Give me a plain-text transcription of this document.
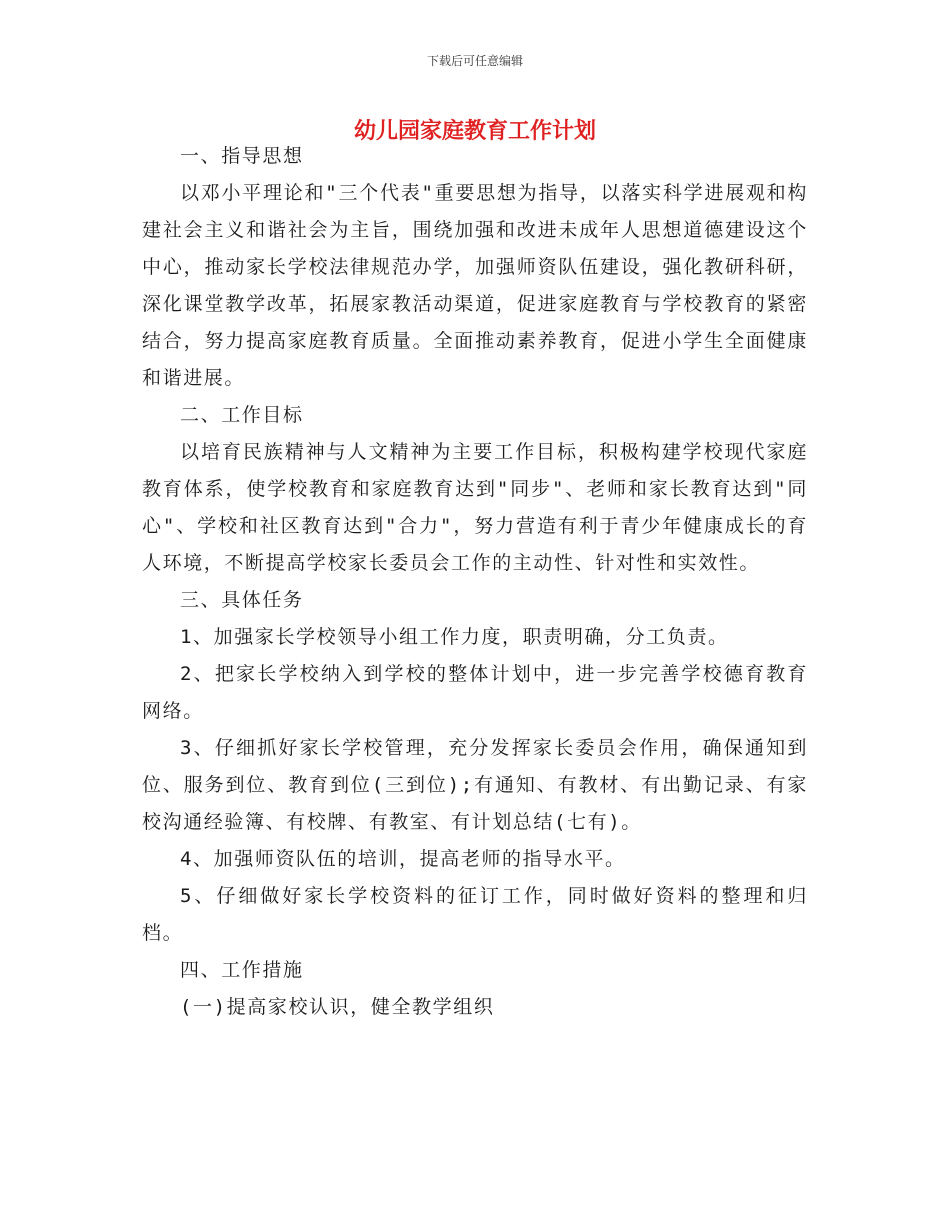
下载后可任意编辑
幼儿园家庭教育工作计划

一、指导思想

以邓小平理论和"三个代表"重要思想为指导，以落实科学进展观和构建社会主义和谐社会为主旨，围绕加强和改进未成年人思想道德建设这个中心，推动家长学校法律规范办学，加强师资队伍建设，强化教研科研，深化课堂教学改革，拓展家教活动渠道，促进家庭教育与学校教育的紧密结合，努力提高家庭教育质量。全面推动素养教育，促进小学生全面健康和谐进展。

二、工作目标

以培育民族精神与人文精神为主要工作目标，积极构建学校现代家庭教育体系，使学校教育和家庭教育达到"同步"、老师和家长教育达到"同心"、学校和社区教育达到"合力"，努力营造有利于青少年健康成长的育人环境，不断提高学校家长委员会工作的主动性、针对性和实效性。

三、具体任务

1、加强家长学校领导小组工作力度，职责明确，分工负责。

2、把家长学校纳入到学校的整体计划中，进一步完善学校德育教育网络。

3、仔细抓好家长学校管理，充分发挥家长委员会作用，确保通知到位、服务到位、教育到位(三到位);有通知、有教材、有出勤记录、有家校沟通经验簿、有校牌、有教室、有计划总结(七有)。

4、加强师资队伍的培训，提高老师的指导水平。

5、仔细做好家长学校资料的征订工作，同时做好资料的整理和归档。

四、工作措施

(一)提高家校认识，健全教学组织
